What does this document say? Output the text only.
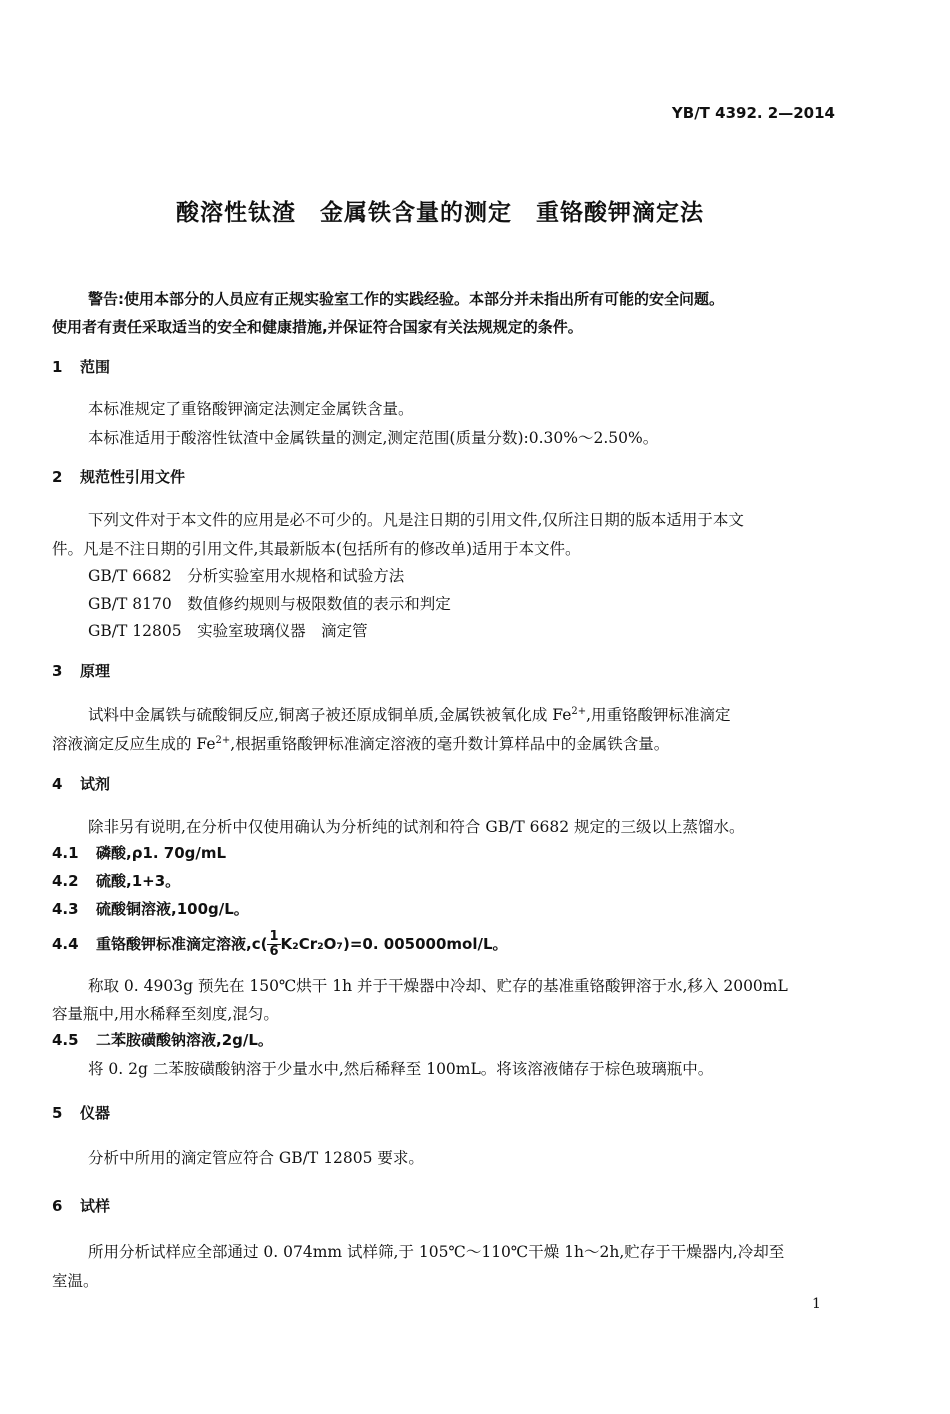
YB/T 4392. 2—2014
酸溶性钛渣　金属铁含量的测定　重铬酸钾滴定法
警告:使用本部分的人员应有正规实验室工作的实践经验。本部分并未指出所有可能的安全问题。
使用者有责任采取适当的安全和健康措施,并保证符合国家有关法规规定的条件。
1 范围
本标准规定了重铬酸钾滴定法测定金属铁含量。
本标准适用于酸溶性钛渣中金属铁量的测定,测定范围(质量分数):0.30%～2.50%。
2 规范性引用文件
下列文件对于本文件的应用是必不可少的。凡是注日期的引用文件,仅所注日期的版本适用于本文
件。凡是不注日期的引用文件,其最新版本(包括所有的修改单)适用于本文件。
GB/T 6682　分析实验室用水规格和试验方法
GB/T 8170　数值修约规则与极限数值的表示和判定
GB/T 12805　实验室玻璃仪器　滴定管
3 原理
试料中金属铁与硫酸铜反应,铜离子被还原成铜单质,金属铁被氧化成 $Fe^{2+}$,用重铬酸钾标准滴定
溶液滴定反应生成的 $Fe^{2+}$,根据重铬酸钾标准滴定溶液的毫升数计算样品中的金属铁含量。
4 试剂
除非另有说明,在分析中仅使用确认为分析纯的试剂和符合 GB/T 6682 规定的三级以上蒸馏水。
4.1 磷酸,ρ1. 70g/mL
4.2 硫酸,1+3。
4.3 硫酸铜溶液,100g/L。
4.4 重铬酸钾标准滴定溶液$,c( \frac{1}{6} K_2Cr_2O_7)=0$. 005000mol/L。
称取 0. 4903g 预先在 150℃烘干 1h 并于干燥器中冷却、贮存的基准重铬酸钾溶于水,移入 2000mL
容量瓶中,用水稀释至刻度,混匀。
4.5 二苯胺磺酸钠溶液,2g/L。
将 0. 2g 二苯胺磺酸钠溶于少量水中,然后稀释至 100mL。将该溶液储存于棕色玻璃瓶中。
5 仪器
分析中所用的滴定管应符合 GB/T 12805 要求。
6 试样
所用分析试样应全部通过 0. 074mm 试样筛,于 105℃～110℃干燥 1h～2h,贮存于干燥器内,冷却至
室温。
1
